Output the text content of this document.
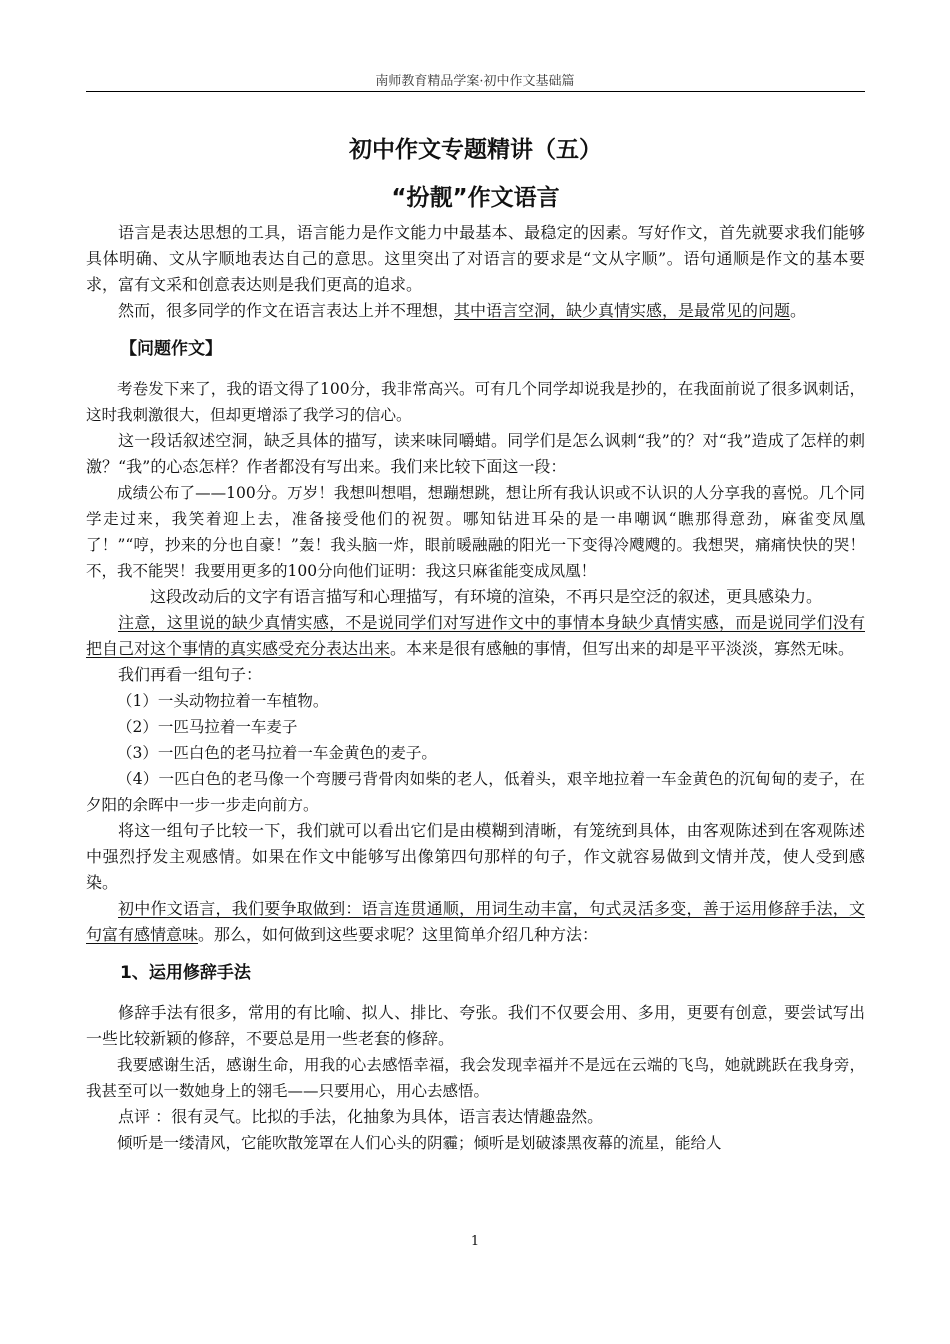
南师教育精品学案·初中作文基础篇
初中作文专题精讲（五）
“扮靓”作文语言

语言是表达思想的工具，语言能力是作文能力中最基本、最稳定的因素。写好作文，首先就要求我们能够具体明确、文从字顺地表达自己的意思。这里突出了对语言的要求是“文从字顺”。语句通顺是作文的基本要求，富有文采和创意表达则是我们更高的追求。

然而，很多同学的作文在语言表达上并不理想，其中语言空洞，缺少真情实感，是最常见的问题。

【问题作文】

考卷发下来了，我的语文得了100分，我非常高兴。可有几个同学却说我是抄的，在我面前说了很多讽刺话，这时我刺激很大，但却更增添了我学习的信心。

这一段话叙述空洞，缺乏具体的描写，读来味同嚼蜡。同学们是怎么讽刺“我”的？对“我”造成了怎样的刺激？“我”的心态怎样？作者都没有写出来。我们来比较下面这一段：

成绩公布了——100分。万岁！我想叫想唱，想蹦想跳，想让所有我认识或不认识的人分享我的喜悦。几个同学走过来，我笑着迎上去，准备接受他们的祝贺。哪知钻进耳朵的是一串嘲讽“瞧那得意劲，麻雀变凤凰了！”“哼，抄来的分也自豪！”轰！我头脑一炸，眼前暖融融的阳光一下变得冷飕飕的。我想哭，痛痛快快的哭！不，我不能哭！我要用更多的100分向他们证明：我这只麻雀能变成凤凰！

这段改动后的文字有语言描写和心理描写，有环境的渲染，不再只是空泛的叙述，更具感染力。

注意，这里说的缺少真情实感，不是说同学们对写进作文中的事情本身缺少真情实感，而是说同学们没有把自己对这个事情的真实感受充分表达出来。本来是很有感触的事情，但写出来的却是平平淡淡，寡然无味。

我们再看一组句子：

（1）一头动物拉着一车植物。

（2）一匹马拉着一车麦子

（3）一匹白色的老马拉着一车金黄色的麦子。

（4）一匹白色的老马像一个弯腰弓背骨肉如柴的老人，低着头，艰辛地拉着一车金黄色的沉甸甸的麦子，在夕阳的余晖中一步一步走向前方。

将这一组句子比较一下，我们就可以看出它们是由模糊到清晰，有笼统到具体，由客观陈述到在客观陈述中强烈抒发主观感情。如果在作文中能够写出像第四句那样的句子，作文就容易做到文情并茂，使人受到感染。

初中作文语言，我们要争取做到：语言连贯通顺，用词生动丰富，句式灵活多变，善于运用修辞手法，文句富有感情意味。那么，如何做到这些要求呢？这里简单介绍几种方法：

1、运用修辞手法

修辞手法有很多，常用的有比喻、拟人、排比、夸张。我们不仅要会用、多用，更要有创意，要尝试写出一些比较新颖的修辞，不要总是用一些老套的修辞。

我要感谢生活，感谢生命，用我的心去感悟幸福，我会发现幸福并不是远在云端的飞鸟，她就跳跃在我身旁，我甚至可以一数她身上的翎毛——只要用心，用心去感悟。

点评 ：很有灵气。比拟的手法，化抽象为具体，语言表达情趣盎然。

倾听是一缕清风，它能吹散笼罩在人们心头的阴霾；倾听是划破漆黑夜幕的流星，能给人

1
